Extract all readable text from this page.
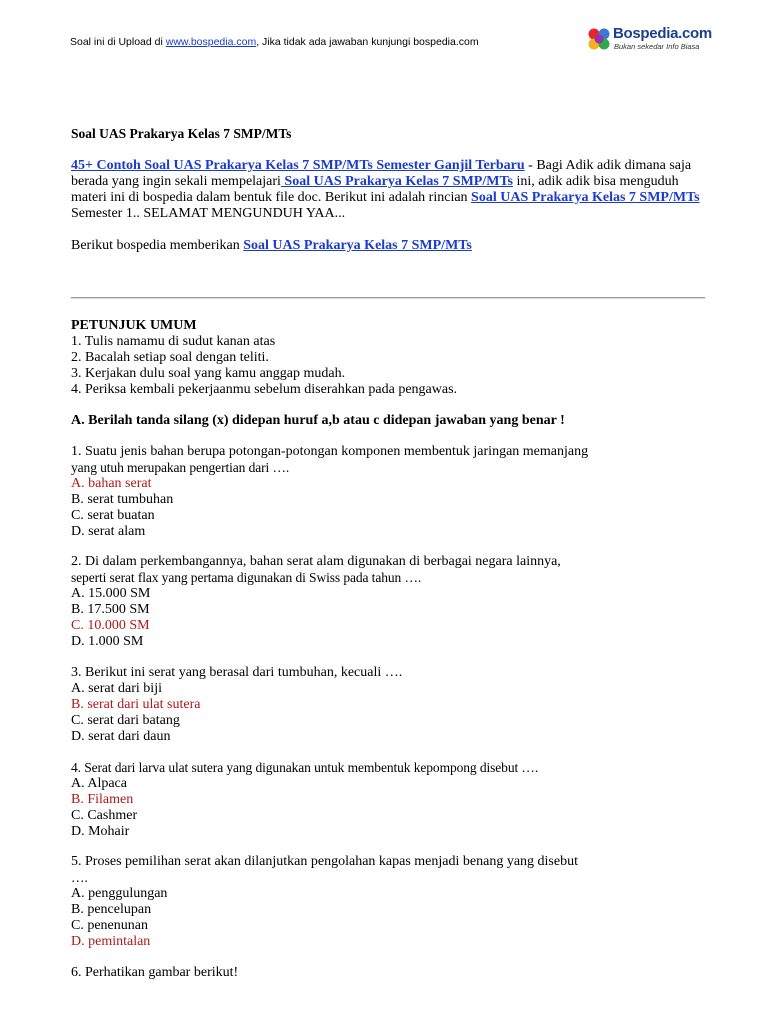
Soal ini di Upload di www.bospedia.com, Jika tidak ada jawaban kunjungi bospedia.com	Bospedia.com
Bukan sekedar Info Biasa

Soal UAS Prakarya Kelas 7 SMP/MTs

45+ Contoh Soal UAS Prakarya Kelas 7 SMP/MTs Semester Ganjil Terbaru - Bagi Adik adik dimana saja berada yang ingin sekali mempelajari Soal UAS Prakarya Kelas 7 SMP/MTs ini, adik adik bisa menguduh materi ini di bospedia dalam bentuk file doc. Berikut ini adalah rincian Soal UAS Prakarya Kelas 7 SMP/MTs Semester 1.. SELAMAT MENGUNDUH YAA...

Berikut bospedia memberikan Soal UAS Prakarya Kelas 7 SMP/MTs

PETUNJUK UMUM

1. Tulis namamu di sudut kanan atas

2. Bacalah setiap soal dengan teliti.

3. Kerjakan dulu soal yang kamu anggap mudah.

4. Periksa kembali pekerjaanmu sebelum diserahkan pada pengawas.

A. Berilah tanda silang (x) didepan huruf a,b atau c didepan jawaban yang benar !

1. Suatu jenis bahan berupa potongan-potongan komponen membentuk jaringan memanjang

yang utuh merupakan pengertian dari ….

A. bahan serat

B. serat tumbuhan

C. serat buatan

D. serat alam

2. Di dalam perkembangannya, bahan serat alam digunakan di berbagai negara lainnya,

seperti serat flax yang pertama digunakan di Swiss pada tahun ….

A. 15.000 SM

B. 17.500 SM

C. 10.000 SM

D. 1.000 SM

3. Berikut ini serat yang berasal dari tumbuhan, kecuali ….

A. serat dari biji

B. serat dari ulat sutera

C. serat dari batang

D. serat dari daun

4. Serat dari larva ulat sutera yang digunakan untuk membentuk kepompong disebut ….

A. Alpaca

B. Filamen

C. Cashmer

D. Mohair

5. Proses pemilihan serat akan dilanjutkan pengolahan kapas menjadi benang yang disebut

….

A. penggulungan

B. pencelupan

C. penenunan

D. pemintalan

6. Perhatikan gambar berikut!
